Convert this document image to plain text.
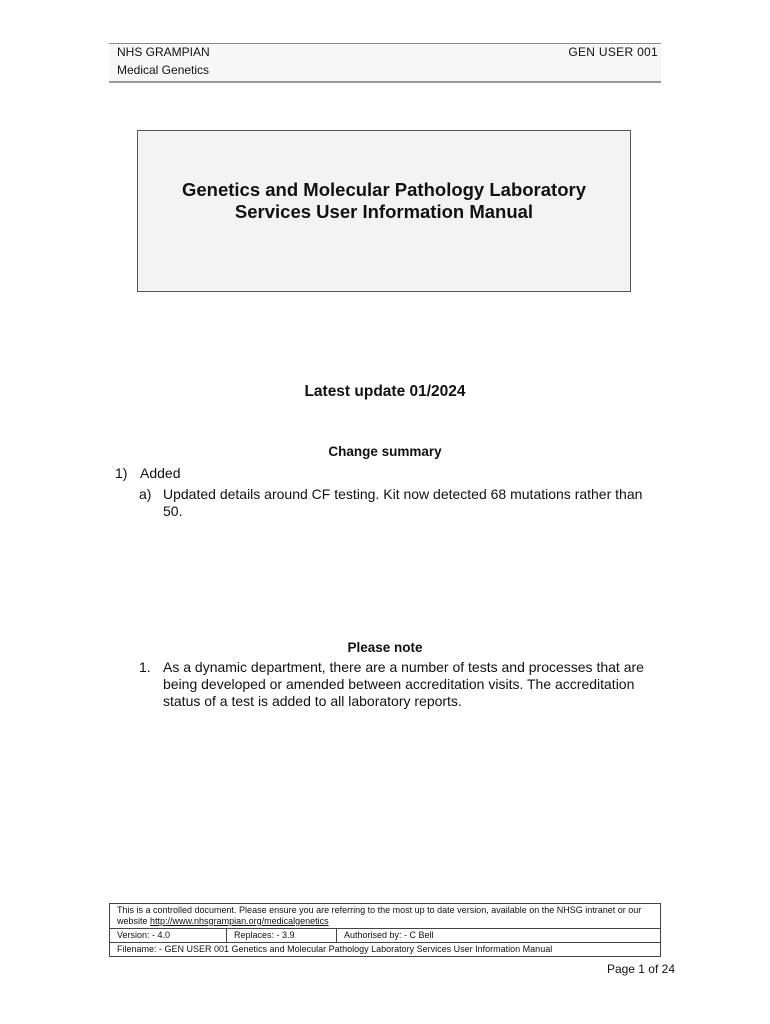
NHS GRAMPIAN
Medical Genetics
GEN USER 001
Genetics and Molecular Pathology Laboratory
Services User Information Manual
Latest update 01/2024
Change summary
1) Added
a) Updated details around CF testing. Kit now detected 68 mutations rather than 50.
Please note
1. As a dynamic department, there are a number of tests and processes that are being developed or amended between accreditation visits. The accreditation status of a test is added to all laboratory reports.
This is a controlled document. Please ensure you are referring to the most up to date version, available on the NHSG intranet or our website http://www.nhsgrampian.org/medicalgenetics
Version: - 4.0	Replaces: - 3.9	Authorised by: - C Bell
Filename: - GEN USER 001 Genetics and Molecular Pathology Laboratory Services User Information Manual
Page 1 of 24
